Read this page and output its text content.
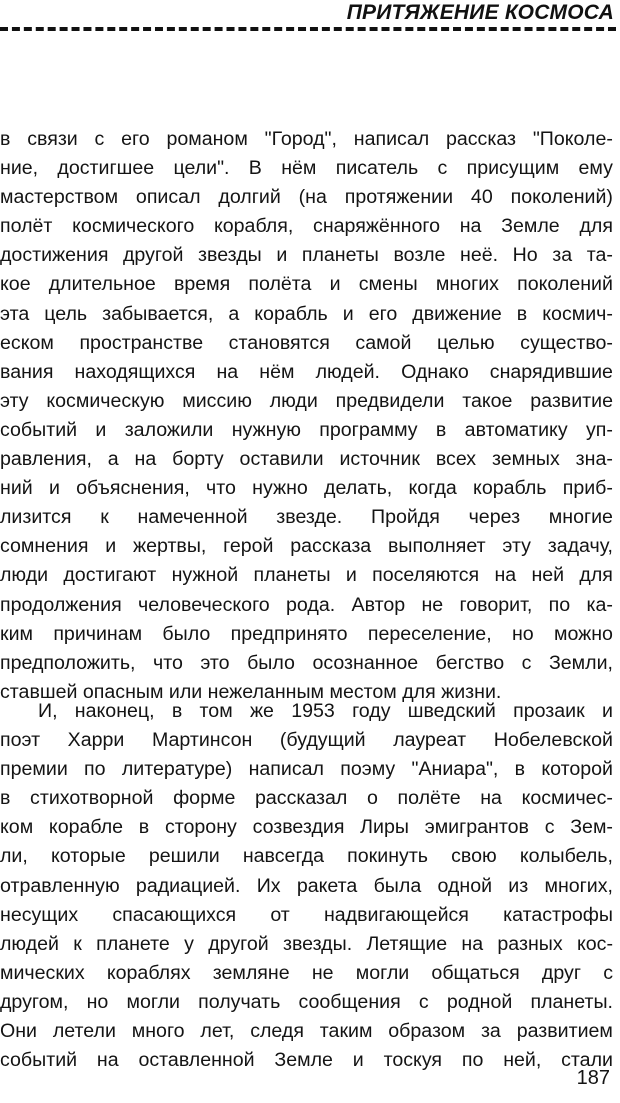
ПРИТЯЖЕНИЕ КОСМОСА
в связи с его романом "Город", написал рассказ "Поколе-
ние, достигшее цели". В нём писатель с присущим ему
мастерством описал долгий (на протяжении 40 поколений)
полёт космического корабля, снаряжённого на Земле для
достижения другой звезды и планеты возле неё. Но за та-
кое длительное время полёта и смены многих поколений
эта цель забывается, а корабль и его движение в космич-
еском пространстве становятся самой целью существо-
вания находящихся на нём людей. Однако снарядившие
эту космическую миссию люди предвидели такое развитие
событий и заложили нужную программу в автоматику уп-
равления, а на борту оставили источник всех земных зна-
ний и объяснения, что нужно делать, когда корабль приб-
лизится к намеченной звезде. Пройдя через многие
сомнения и жертвы, герой рассказа выполняет эту задачу,
люди достигают нужной планеты и поселяются на ней для
продолжения человеческого рода. Автор не говорит, по ка-
ким причинам было предпринято переселение, но можно
предположить, что это было осознанное бегство с Земли,
ставшей опасным или нежеланным местом для жизни.
И, наконец, в том же 1953 году шведский прозаик и
поэт Харри Мартинсон (будущий лауреат Нобелевской
премии по литературе) написал поэму "Аниара", в которой
в стихотворной форме рассказал о полёте на космичес-
ком корабле в сторону созвездия Лиры эмигрантов с Зем-
ли, которые решили навсегда покинуть свою колыбель,
отравленную радиацией. Их ракета была одной из многих,
несущих спасающихся от надвигающейся катастрофы
людей к планете у другой звезды. Летящие на разных кос-
мических кораблях земляне не могли общаться друг с
другом, но могли получать сообщения с родной планеты.
Они летели много лет, следя таким образом за развитием
событий на оставленной Земле и тоскуя по ней, стали
187
